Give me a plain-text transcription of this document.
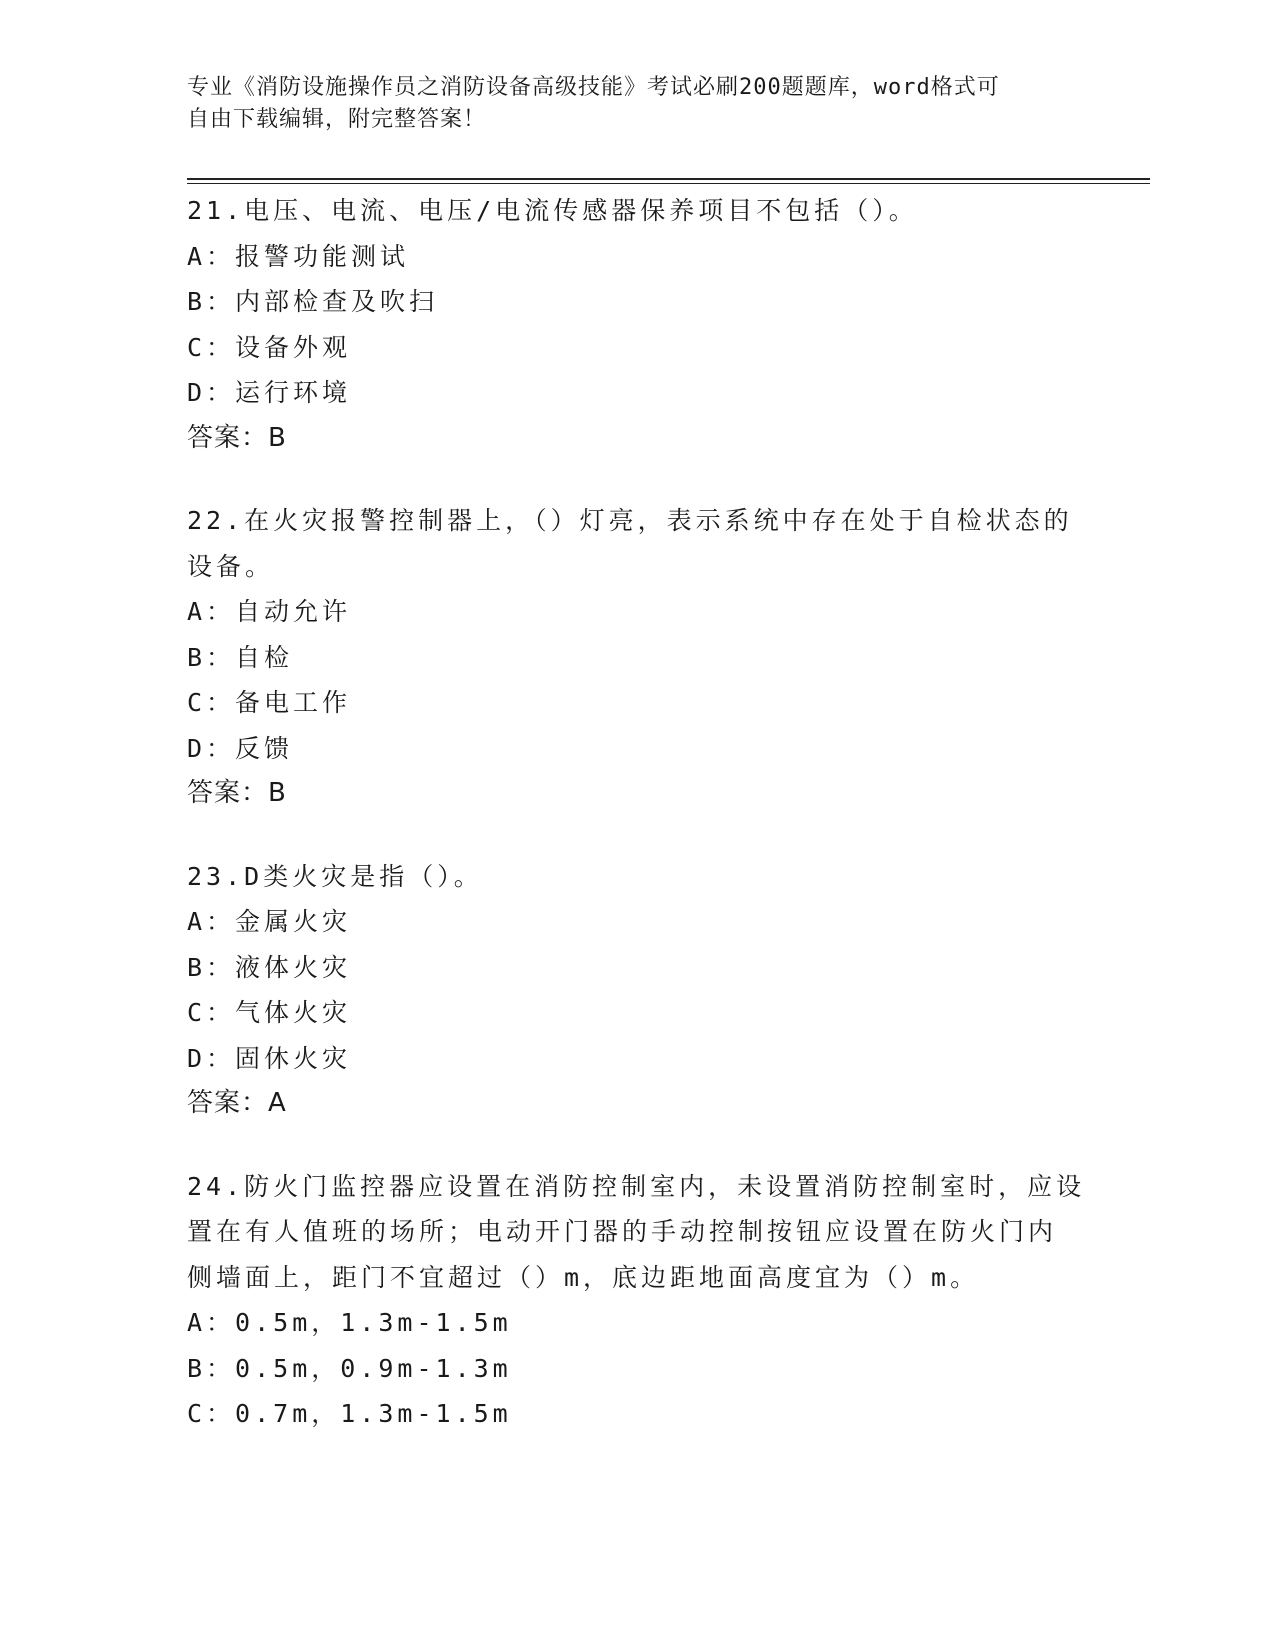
专业《消防设施操作员之消防设备高级技能》考试必刷200题题库，word格式可
自由下载编辑，附完整答案！
21.电压、电流、电压/电流传感器保养项目不包括（）。
A：报警功能测试
B：内部检查及吹扫
C：设备外观
D：运行环境
答案：B
22.在火灾报警控制器上，（）灯亮，表示系统中存在处于自检状态的
设备。
A：自动允许
B：自检
C：备电工作
D：反馈
答案：B
23.D类火灾是指（）。
A：金属火灾
B：液体火灾
C：气体火灾
D：固休火灾
答案：A
24.防火门监控器应设置在消防控制室内，未设置消防控制室时，应设
置在有人值班的场所；电动开门器的手动控制按钮应设置在防火门内
侧墙面上，距门不宜超过（）m，底边距地面高度宜为（）m。
A：0.5m，1.3m-1.5m
B：0.5m，0.9m-1.3m
C：0.7m，1.3m-1.5m
